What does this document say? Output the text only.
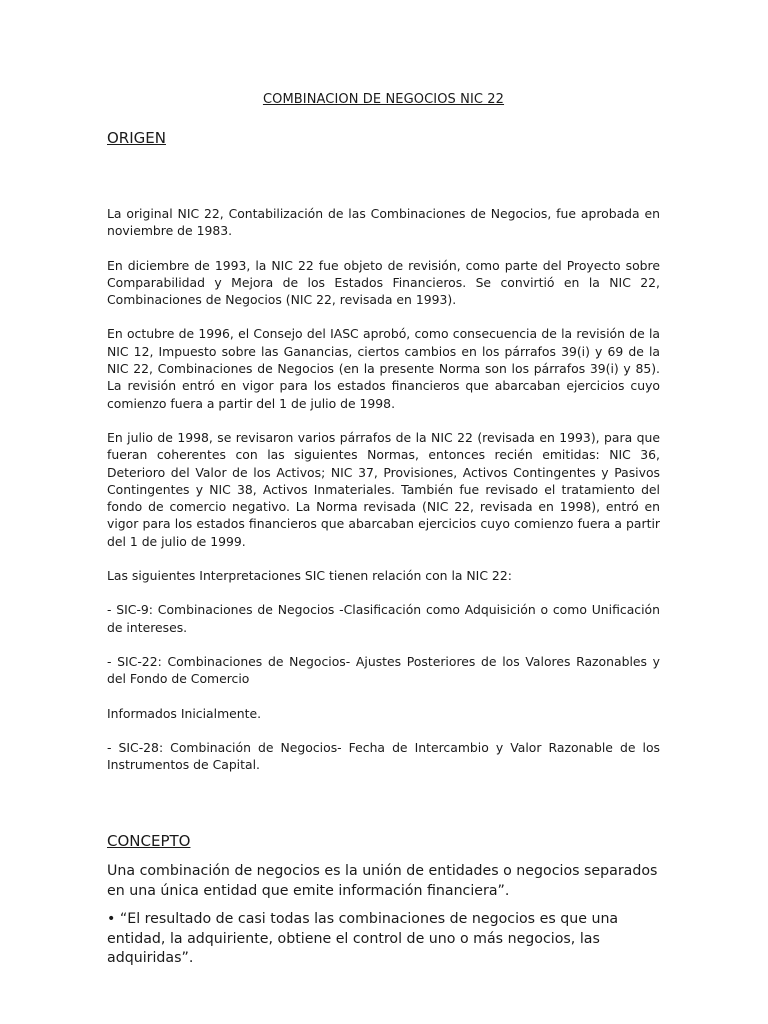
COMBINACION DE NEGOCIOS NIC 22
ORIGEN

La original NIC 22, Contabilización de las Combinaciones de Negocios, fue aprobada en noviembre de 1983.

En diciembre de 1993, la NIC 22 fue objeto de revisión, como parte del Proyecto sobre Comparabilidad y Mejora de los Estados Financieros. Se convirtió en la NIC 22, Combinaciones de Negocios (NIC 22, revisada en 1993).

En octubre de 1996, el Consejo del IASC aprobó, como consecuencia de la revisión de la NIC 12, Impuesto sobre las Ganancias, ciertos cambios en los párrafos 39(i) y 69 de la NIC 22, Combinaciones de Negocios (en la presente Norma son los párrafos 39(i) y 85). La revisión entró en vigor para los estados financieros que abarcaban ejercicios cuyo comienzo fuera a partir del 1 de julio de 1998.

En julio de 1998, se revisaron varios párrafos de la NIC 22 (revisada en 1993), para que fueran coherentes con las siguientes Normas, entonces recién emitidas: NIC 36, Deterioro del Valor de los Activos; NIC 37, Provisiones, Activos Contingentes y Pasivos Contingentes y NIC 38, Activos Inmateriales. También fue revisado el tratamiento del fondo de comercio negativo. La Norma revisada (NIC 22, revisada en 1998), entró en vigor para los estados financieros que abarcaban ejercicios cuyo comienzo fuera a partir del 1 de julio de 1999.

Las siguientes Interpretaciones SIC tienen relación con la NIC 22:

- SIC-9: Combinaciones de Negocios -Clasificación como Adquisición o como Unificación de intereses.

- SIC-22: Combinaciones de Negocios- Ajustes Posteriores de los Valores Razonables y del Fondo de Comercio

Informados Inicialmente.

- SIC-28: Combinación de Negocios- Fecha de Intercambio y Valor Razonable de los Instrumentos de Capital.

CONCEPTO

Una combinación de negocios es la unión de entidades o negocios separados en una única entidad que emite información financiera”.

• “El resultado de casi todas las combinaciones de negocios es que una entidad, la adquiriente, obtiene el control de uno o más negocios, las adquiridas”.
